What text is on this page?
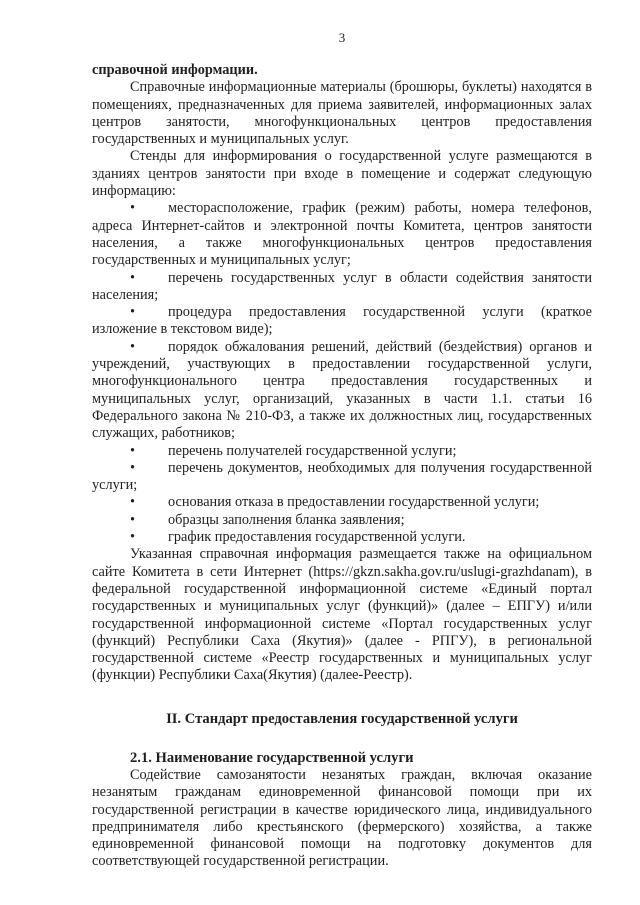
3

справочной информации.

Справочные информационные материалы (брошюры, буклеты) находятся в помещениях, предназначенных для приема заявителей, информационных залах центров занятости, многофункциональных центров предоставления государственных и муниципальных услуг.

Стенды для информирования о государственной услуге размещаются в зданиях центров занятости при входе в помещение и содержат следующую информацию:

• месторасположение, график (режим) работы, номера телефонов, адреса Интернет-сайтов и электронной почты Комитета, центров занятости населения, а также многофункциональных центров предоставления государственных и муниципальных услуг;

• перечень государственных услуг в области содействия занятости населения;

• процедура предоставления государственной услуги (краткое изложение в текстовом виде);

• порядок обжалования решений, действий (бездействия) органов и учреждений, участвующих в предоставлении государственной услуги, многофункционального центра предоставления государственных и муниципальных услуг, организаций, указанных в части 1.1. статьи 16 Федерального закона № 210-ФЗ, а также их должностных лиц, государственных служащих, работников;

• перечень получателей государственной услуги;

• перечень документов, необходимых для получения государственной услуги;

• основания отказа в предоставлении государственной услуги;

• образцы заполнения бланка заявления;

• график предоставления государственной услуги.

Указанная справочная информация размещается также на официальном сайте Комитета в сети Интернет (https://gkzn.sakha.gov.ru/uslugi-grazhdanam), в федеральной государственной информационной системе «Единый портал государственных и муниципальных услуг (функций)» (далее – ЕПГУ) и/или государственной информационной системе «Портал государственных услуг (функций) Республики Саха (Якутия)» (далее - РПГУ), в региональной государственной системе «Реестр государственных и муниципальных услуг (функции) Республики Саха(Якутия) (далее-Реестр).

II. Стандарт предоставления государственной услуги
2.1. Наименование государственной услуги

Содействие самозанятости незанятых граждан, включая оказание незанятым гражданам единовременной финансовой помощи при их государственной регистрации в качестве юридического лица, индивидуального предпринимателя либо крестьянского (фермерского) хозяйства, а также единовременной финансовой помощи на подготовку документов для соответствующей государственной регистрации.
